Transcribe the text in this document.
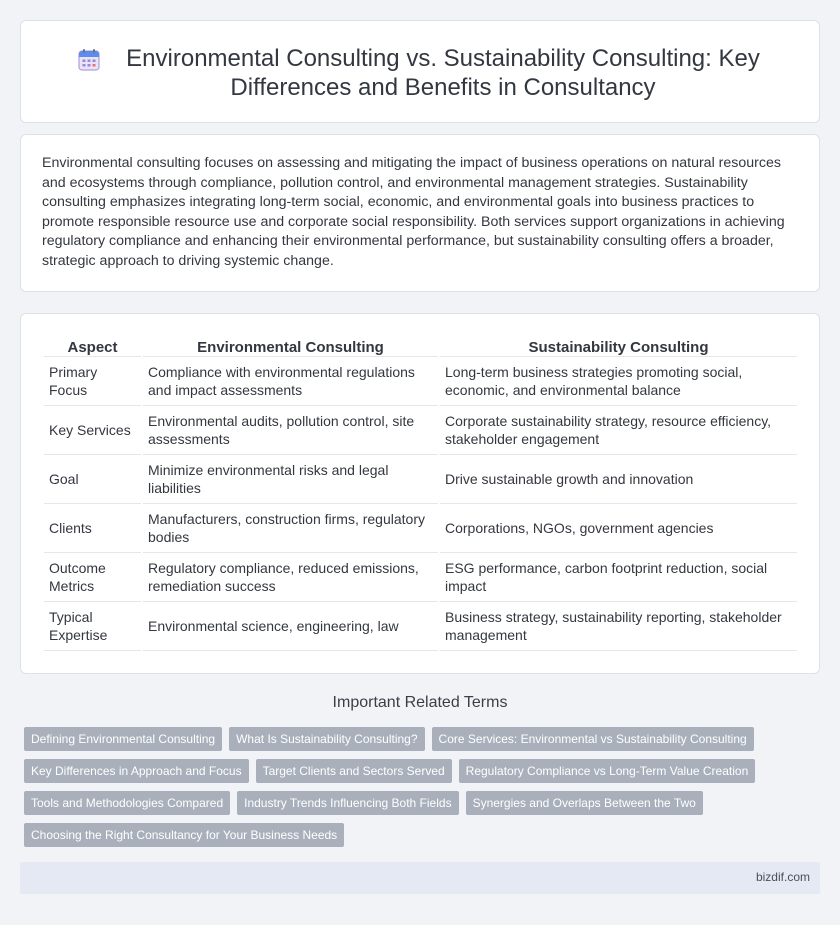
Environmental Consulting vs. Sustainability Consulting: Key Differences and Benefits in Consultancy

Environmental consulting focuses on assessing and mitigating the impact of business operations on natural resources and ecosystems through compliance, pollution control, and environmental management strategies. Sustainability consulting emphasizes integrating long-term social, economic, and environmental goals into business practices to promote responsible resource use and corporate social responsibility. Both services support organizations in achieving regulatory compliance and enhancing their environmental performance, but sustainability consulting offers a broader, strategic approach to driving systemic change.

Aspect	Environmental Consulting	Sustainability Consulting
Primary Focus	Compliance with environmental regulations and impact assessments	Long-term business strategies promoting social, economic, and environmental balance
Key Services	Environmental audits, pollution control, site assessments	Corporate sustainability strategy, resource efficiency, stakeholder engagement
Goal	Minimize environmental risks and legal liabilities	Drive sustainable growth and innovation
Clients	Manufacturers, construction firms, regulatory bodies	Corporations, NGOs, government agencies
Outcome Metrics	Regulatory compliance, reduced emissions, remediation success	ESG performance, carbon footprint reduction, social impact
Typical Expertise	Environmental science, engineering, law	Business strategy, sustainability reporting, stakeholder management
Important Related Terms
Defining Environmental Consulting	What Is Sustainability Consulting?	Core Services: Environmental vs Sustainability Consulting
Key Differences in Approach and Focus	Target Clients and Sectors Served	Regulatory Compliance vs Long-Term Value Creation
Tools and Methodologies Compared	Industry Trends Influencing Both Fields	Synergies and Overlaps Between the Two
Choosing the Right Consultancy for Your Business Needs
bizdif.com
